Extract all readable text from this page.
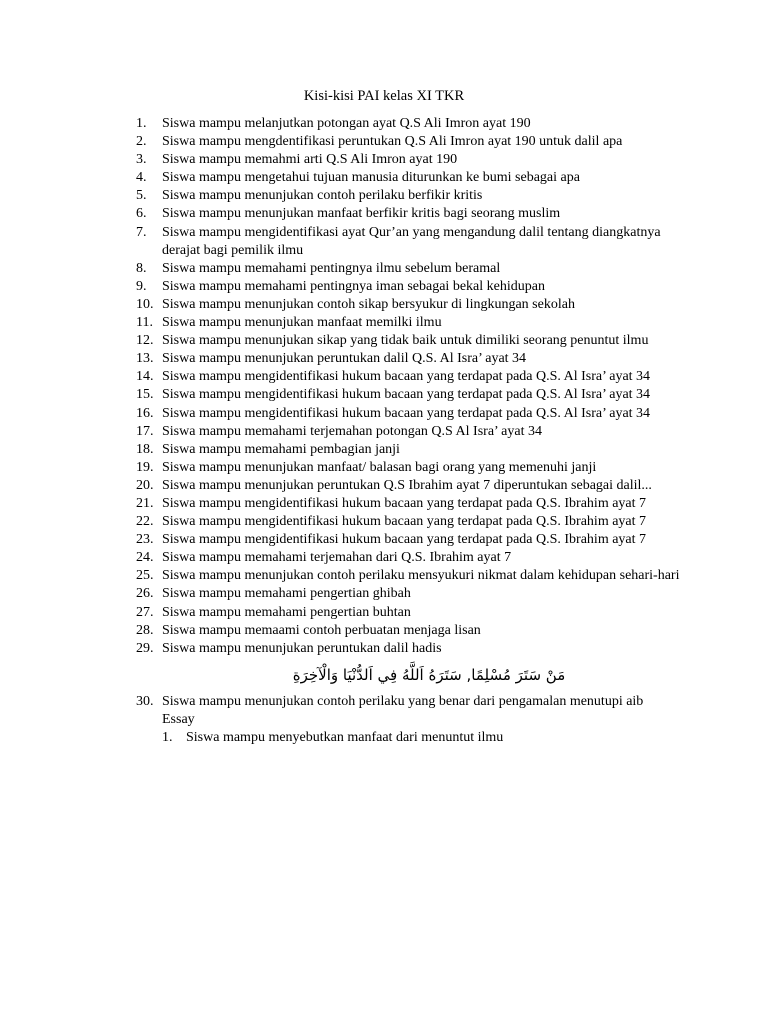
Kisi-kisi PAI kelas XI TKR
1. Siswa mampu melanjutkan potongan ayat Q.S Ali Imron ayat 190
2. Siswa mampu mengdentifikasi peruntukan Q.S Ali Imron ayat 190 untuk dalil apa
3. Siswa mampu memahmi arti Q.S Ali Imron ayat 190
4. Siswa mampu mengetahui tujuan manusia diturunkan ke bumi sebagai apa
5. Siswa mampu menunjukan contoh perilaku berfikir kritis
6. Siswa mampu menunjukan manfaat berfikir kritis bagi seorang muslim
7. Siswa mampu mengidentifikasi ayat Qur’an yang mengandung dalil tentang diangkatnya derajat bagi pemilik ilmu
8. Siswa mampu memahami pentingnya ilmu sebelum beramal
9. Siswa mampu memahami pentingnya iman sebagai bekal kehidupan
10. Siswa mampu menunjukan contoh sikap bersyukur di lingkungan sekolah
11. Siswa mampu menunjukan manfaat memilki ilmu
12. Siswa mampu menunjukan sikap yang tidak baik untuk dimiliki seorang penuntut ilmu
13. Siswa mampu menunjukan peruntukan dalil Q.S. Al Isra’ ayat 34
14. Siswa mampu mengidentifikasi hukum bacaan yang terdapat pada Q.S. Al Isra’ ayat 34
15. Siswa mampu mengidentifikasi hukum bacaan yang terdapat pada Q.S. Al Isra’ ayat 34
16. Siswa mampu mengidentifikasi hukum bacaan yang terdapat pada Q.S. Al Isra’ ayat 34
17. Siswa mampu memahami terjemahan potongan Q.S Al Isra’ ayat 34
18. Siswa mampu memahami pembagian janji
19. Siswa mampu menunjukan manfaat/ balasan bagi orang yang memenuhi janji
20. Siswa mampu menunjukan peruntukan Q.S Ibrahim ayat 7 diperuntukan sebagai dalil...
21. Siswa mampu mengidentifikasi hukum bacaan yang terdapat pada Q.S. Ibrahim ayat 7
22. Siswa mampu mengidentifikasi hukum bacaan yang terdapat pada Q.S. Ibrahim ayat 7
23. Siswa mampu mengidentifikasi hukum bacaan yang terdapat pada Q.S. Ibrahim ayat 7
24. Siswa mampu memahami terjemahan dari Q.S. Ibrahim ayat 7
25. Siswa mampu menunjukan contoh perilaku mensyukuri nikmat dalam kehidupan sehari-hari
26. Siswa mampu memahami pengertian ghibah
27. Siswa mampu memahami pengertian buhtan
28. Siswa mampu memaami contoh perbuatan menjaga lisan
29. Siswa mampu menunjukan peruntukan dalil hadis
مَنْ سَتَرَ مُسْلِمًا, سَتَرَهُ اَللَّهُ فِي اَلدُّنْيَا وَالْآخِرَةِ
30. Siswa mampu menunjukan contoh perilaku yang benar dari pengamalan menutupi aib
Essay
1. Siswa mampu menyebutkan manfaat dari menuntut ilmu
